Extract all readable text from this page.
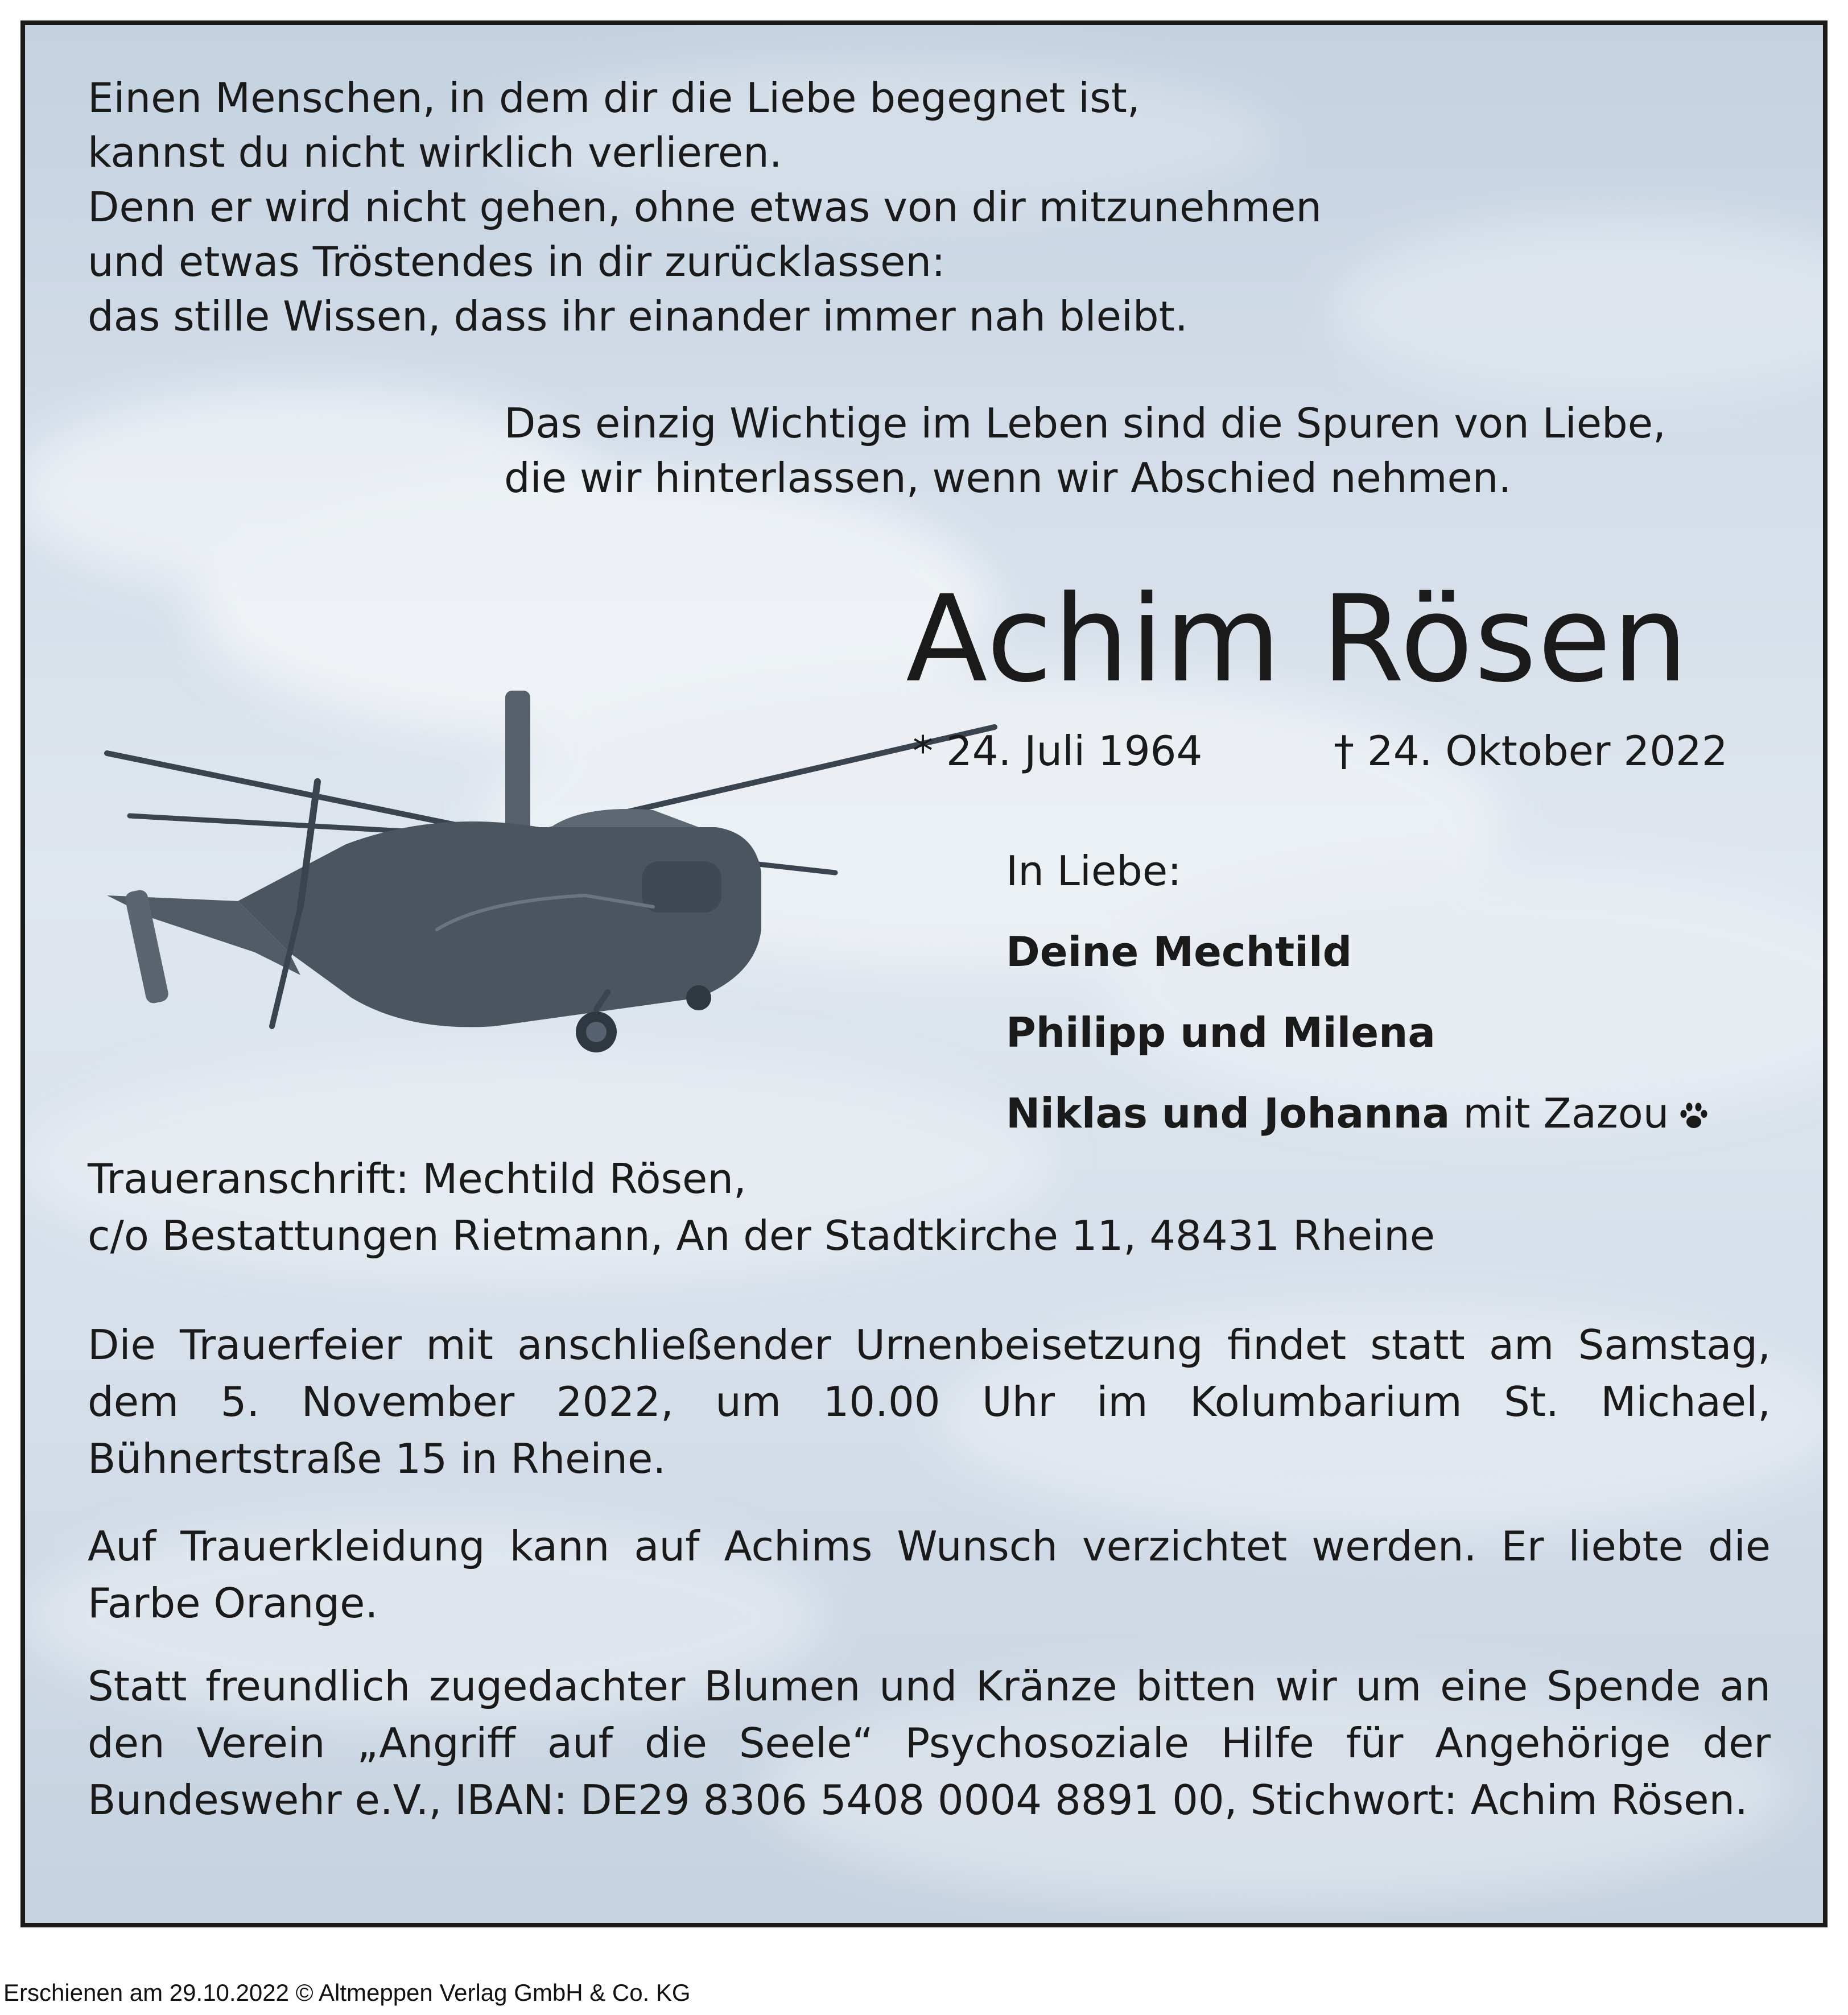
Einen Menschen, in dem dir die Liebe begegnet ist,
kannst du nicht wirklich verlieren.
Denn er wird nicht gehen, ohne etwas von dir mitzunehmen
und etwas Tröstendes in dir zurücklassen:
das stille Wissen, dass ihr einander immer nah bleibt.
Das einzig Wichtige im Leben sind die Spuren von Liebe,
die wir hinterlassen, wenn wir Abschied nehmen.
Achim Rösen
* 24. Juli 1964	† 24. Oktober 2022
In Liebe:
Deine Mechtild
Philipp und Milena
Niklas und Johanna mit Zazou
Traueranschrift: Mechtild Rösen,
c/o Bestattungen Rietmann, An der Stadtkirche 11, 48431 Rheine
Die Trauerfeier mit anschließender Urnenbeisetzung findet statt am Samstag, dem 5. November 2022, um 10.00 Uhr im Kolumbarium St. Michael, Bühnertstraße 15 in Rheine.
Auf Trauerkleidung kann auf Achims Wunsch verzichtet werden. Er liebte die Farbe Orange.
Statt freundlich zugedachter Blumen und Kränze bitten wir um eine Spende an den Verein „Angriff auf die Seele“ Psychosoziale Hilfe für Angehörige der Bundeswehr e.V., IBAN: DE29 8306 5408 0004 8891 00, Stichwort: Achim Rösen.
Erschienen am 29.10.2022 © Altmeppen Verlag GmbH & Co. KG
